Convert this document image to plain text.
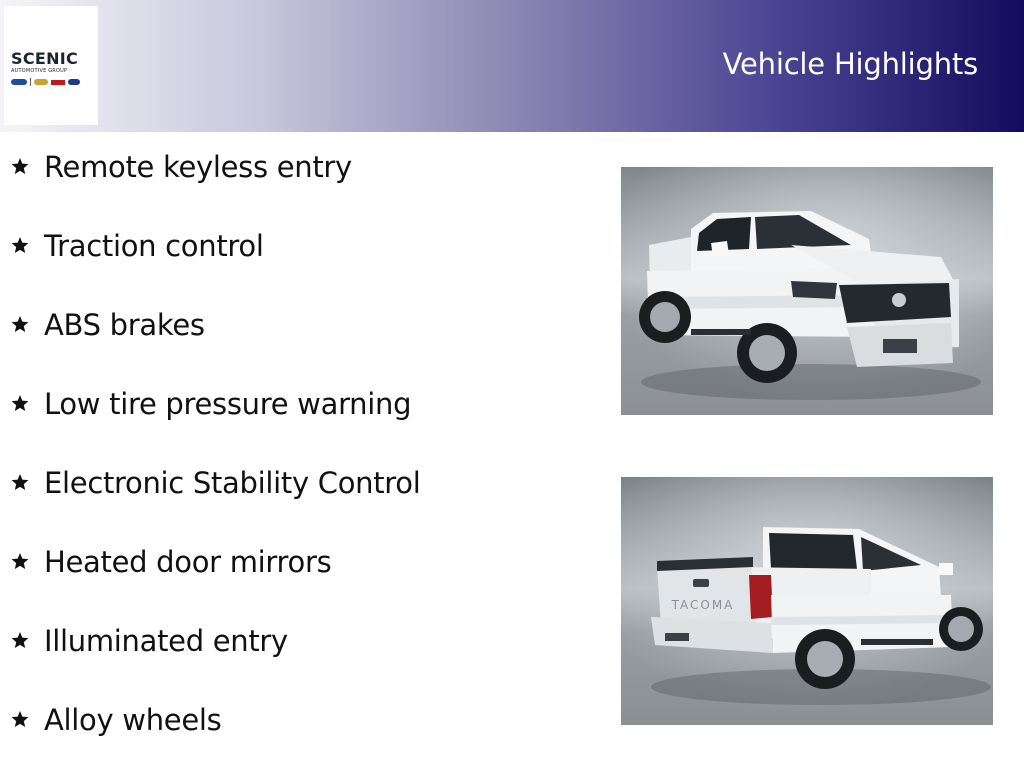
SCENIC
AUTOMOTIVE GROUP	Vehicle Highlights
Remote keyless entry
Traction control
ABS brakes
Low tire pressure warning
Electronic Stability Control
Heated door mirrors
Illuminated entry
Alloy wheels
TACOMA
